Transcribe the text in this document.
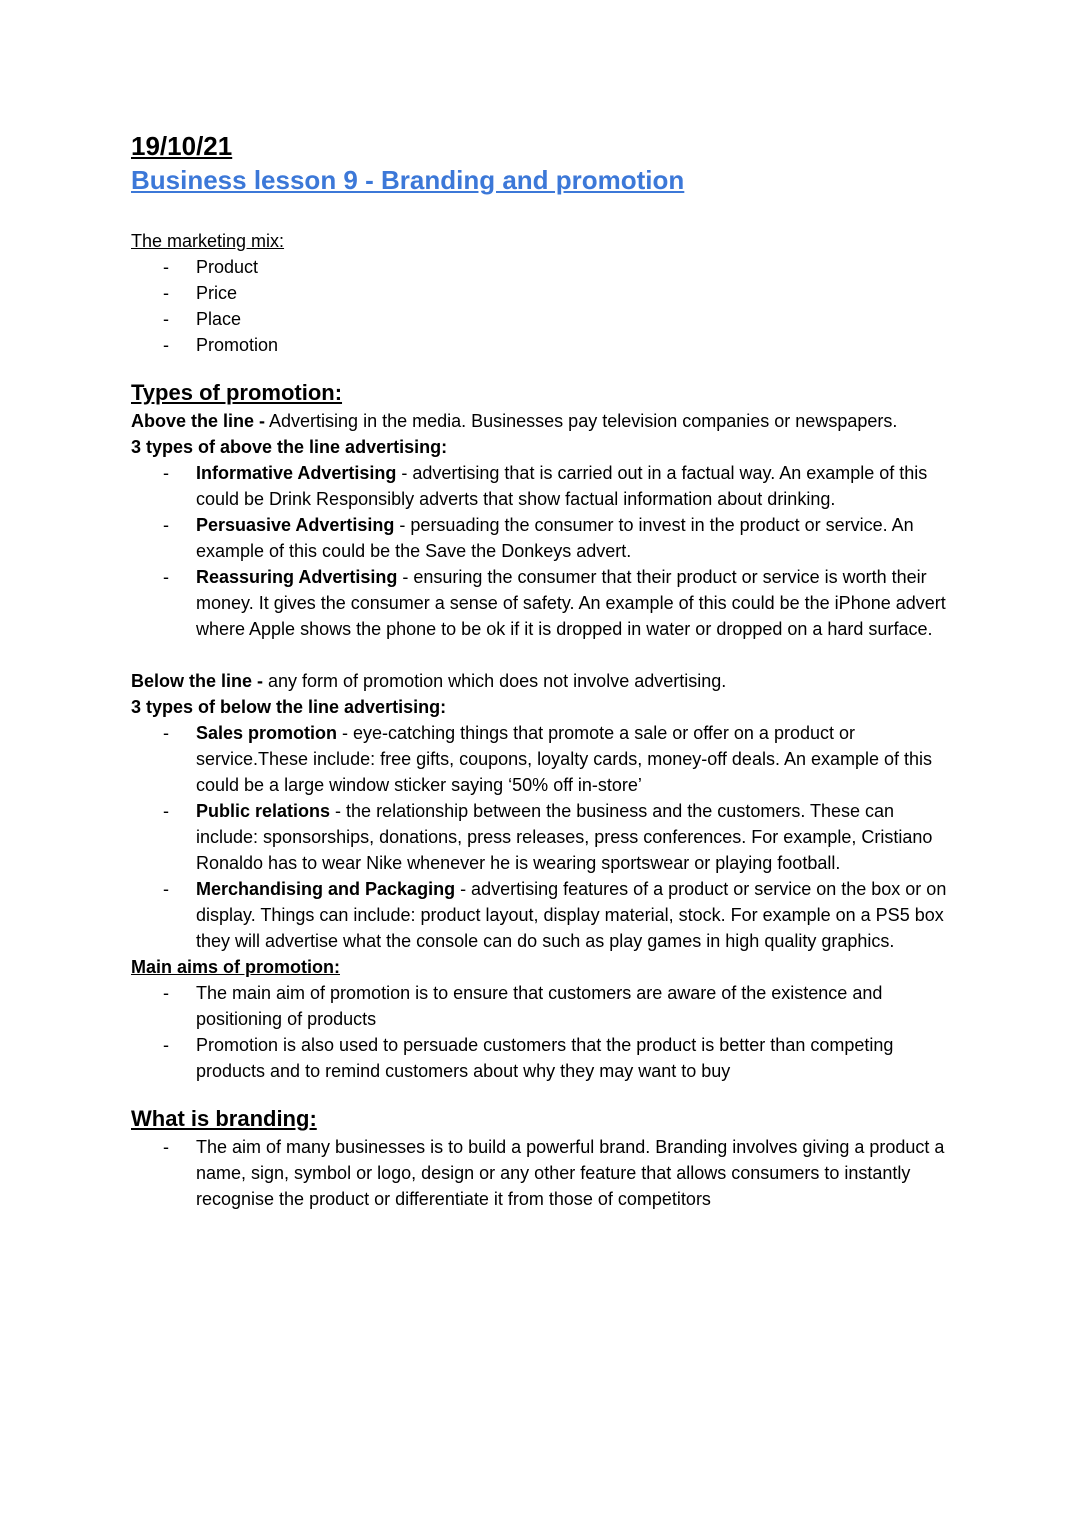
19/10/21
Business lesson 9 - Branding and promotion
The marketing mix:
- Product
- Price
- Place
- Promotion
Types of promotion:
Above the line - Advertising in the media. Businesses pay television companies or newspapers.
3 types of above the line advertising:
- Informative Advertising - advertising that is carried out in a factual way. An example of this could be Drink Responsibly adverts that show factual information about drinking.
- Persuasive Advertising - persuading the consumer to invest in the product or service. An example of this could be the Save the Donkeys advert.
- Reassuring Advertising - ensuring the consumer that their product or service is worth their money. It gives the consumer a sense of safety. An example of this could be the iPhone advert where Apple shows the phone to be ok if it is dropped in water or dropped on a hard surface.
Below the line - any form of promotion which does not involve advertising.
3 types of below the line advertising:
- Sales promotion - eye-catching things that promote a sale or offer on a product or service.These include: free gifts, coupons, loyalty cards, money-off deals. An example of this could be a large window sticker saying ‘50% off in-store’
- Public relations - the relationship between the business and the customers. These can include: sponsorships, donations, press releases, press conferences. For example, Cristiano Ronaldo has to wear Nike whenever he is wearing sportswear or playing football.
- Merchandising and Packaging - advertising features of a product or service on the box or on display. Things can include: product layout, display material, stock. For example on a PS5 box they will advertise what the console can do such as play games in high quality graphics.
Main aims of promotion:
- The main aim of promotion is to ensure that customers are aware of the existence and positioning of products
- Promotion is also used to persuade customers that the product is better than competing products and to remind customers about why they may want to buy
What is branding:
- The aim of many businesses is to build a powerful brand. Branding involves giving a product a name, sign, symbol or logo, design or any other feature that allows consumers to instantly recognise the product or differentiate it from those of competitors
